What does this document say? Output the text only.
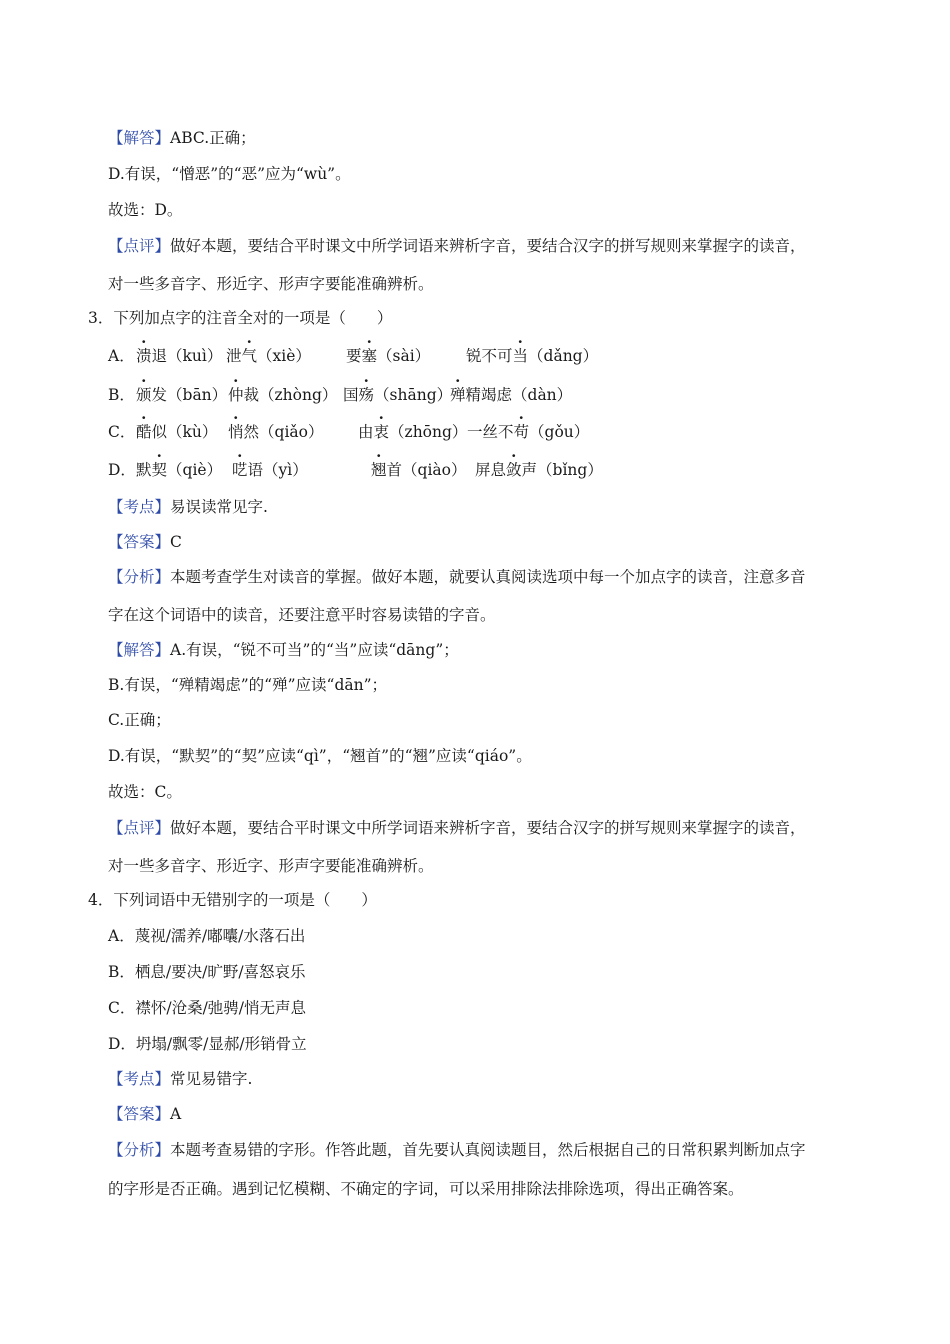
【解答】ABC.正确；
D.有误，“憎恶”的“恶”应为“wù”。
故选：D。
【点评】做好本题，要结合平时课文中所学词语来辨析字音，要结合汉字的拼写规则来掌握字的读音，
对一些多音字、形近字、形声字要能准确辨析。
3．下列加点字的注音全对的一项是（　　）
A． 溃退（kuì） 泄气（xiè） 要塞（sài） 锐不可当（dǎng）
B． 颁发（bān） 仲裁（zhòng） 国殇（shāng）
殚精竭虑（dàn）
C． 酷似（kù） 悄然（qiǎo） 由衷（zhōng） 一丝不苟（gǒu）
D． 默契（qiè） 呓语（yì）	翘首（qiào） 屏息敛声（bǐng）
【考点】易误读常见字.
【答案】C
【分析】本题考查学生对读音的掌握。做好本题，就要认真阅读选项中每一个加点字的读音，注意多音
字在这个词语中的读音，还要注意平时容易读错的字音。
【解答】A.有误，“锐不可当”的“当”应读“dāng”；
B.有误，“殚精竭虑”的“殚”应读“dān”；
C.正确；
D.有误，“默契”的“契”应读“qì”，“翘首”的“翘”应读“qiáo”。
故选：C。
【点评】做好本题，要结合平时课文中所学词语来辨析字音，要结合汉字的拼写规则来掌握字的读音，
对一些多音字、形近字、形声字要能准确辨析。
4．下列词语中无错别字的一项是（　　）
A．蔑视/濡养/嘟囔/水落石出
B．栖息/要决/旷野/喜怒哀乐
C．襟怀/沧桑/弛骋/悄无声息
D．坍塌/飘零/显郝/形销骨立
【考点】常见易错字.
【答案】A
【分析】本题考查易错的字形。作答此题，首先要认真阅读题目，然后根据自己的日常积累判断加点字
的字形是否正确。遇到记忆模糊、不确定的字词，可以采用排除法排除选项，得出正确答案。
